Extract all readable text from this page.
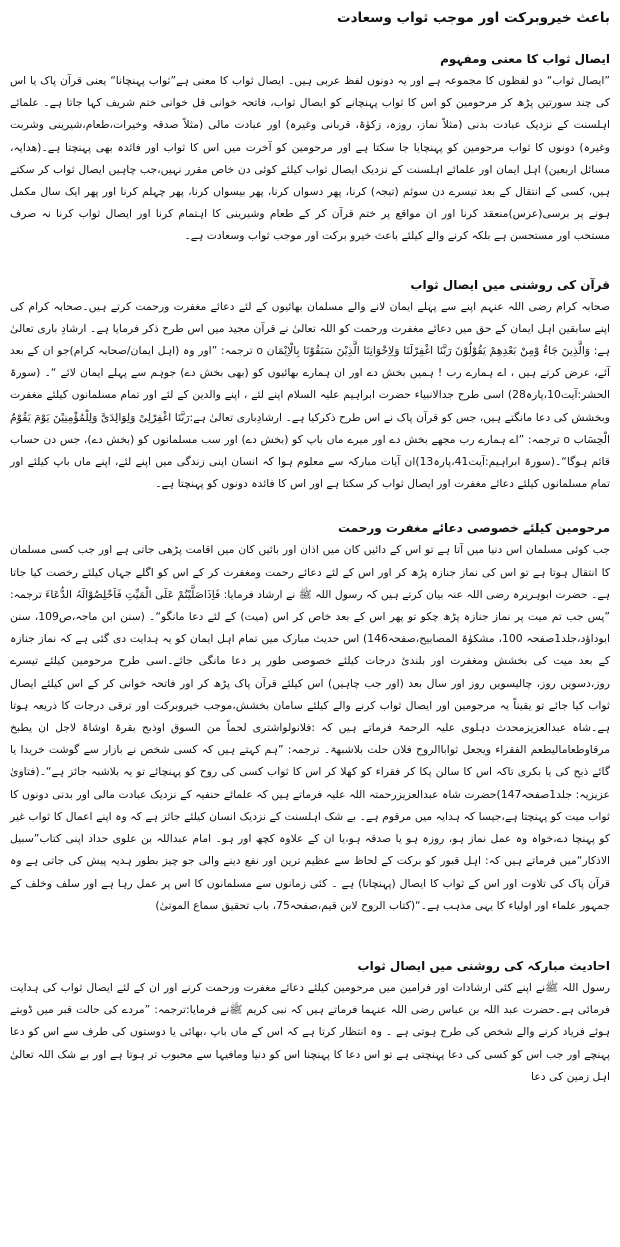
باعث خیروبرکت اور موجب ثواب وسعادت
ایصال ثواب کا معنی ومفہوم

”ایصال ثواب“ دو لفظوں کا مجموعہ ہے اور یہ دونوں لفظ عربی ہیں۔ ایصال ثواب کا معنی ہے”ثواب پہنچانا“ یعنی قرآن پاک یا اس کی چند سورتیں پڑھ کر مرحومین کو اس کا ثواب پہنچانے کو ایصال ثواب، فاتحہ خوانی قل خوانی ختم شریف کہا جاتا ہے۔ علمائے اہلسنت کے نزدیک عبادت بدنی (مثلاً نماز، روزہ، زکوٰۃ، قربانی وغیرہ) اور عبادت مالی (مثلاً صدقہ وخیرات،طعام،شیرینی وشربت وغیرہ) دونوں کا ثواب مرحومین کو پہنچایا جا سکتا ہے اور مرحومین کو آخرت میں اس کا ثواب اور فائدہ بھی پہنچتا ہے۔(ھدایہ، مسائل اربعین) اہل ایمان اور علمائے اہلسنت کے نزدیک ایصال ثواب کیلئے کوئی دن خاص مقرر نہیں،جب چاہیں ایصال ثواب کر سکتے ہیں، کسی کے انتقال کے بعد تیسرے دن سوئم (تیجہ) کرنا، پھر دسواں کرنا، پھر بیسواں کرنا، پھر چہلم کرنا اور پھر ایک سال مکمل ہونے پر برسی(عرس)منعقد کرنا اور ان مواقع پر ختم قرآن کر کے طعام وشیرینی کا اہتمام کرنا اور ایصال ثواب کرنا نہ صرف مستحب اور مستحسن ہے بلکہ کرنے والے کیلئے باعث خیرو برکت اور موجب ثواب وسعادت ہے۔

قرآن کی روشنی میں ایصال ثواب

صحابہ کرام رضی اللہ عنہم اپنے سے پہلے ایمان لانے والے مسلمان بھائیوں کے لئے دعائے مغفرت ورحمت کرتے ہیں۔صحابہ کرام کی اپنے سابقین اہل ایمان کے حق میں دعائے مغفرت ورحمت کو اللہ تعالیٰ نے قرآن مجید میں اس طرح ذکر فرمایا ہے۔ ارشادِ باری تعالیٰ ہے: وَالَّذِینَ جَاءُ وْمِنْ بَعْدِھِمْ یَقُوْلُوْنَ رَبَّنَا اغْفِرْلَنَا وَلِاِخْوَانِنَا الَّذِیْنَ سَبَقُوْنَا بِالْاِیْمَان o ترجمہ: ”اور وہ (اہل ایمان/صحابہ کرام)جو ان کے بعد آئے، عرض کرتے ہیں ، اے ہمارے رب ! ہمیں بخش دے اور ان ہمارے بھائیوں کو (بھی بخش دے) جوہم سے پہلے ایمان لائے “۔ (سورۃ الحشر:آیت10،پارہ28) اسی طرح جدالانبیاء حضرت ابراہیم علیہ السلام اپنے لئے ، اپنے والدین کے لئے اور تمام مسلمانوں کیلئے مغفرت وبخشش کی دعا مانگتے ہیں، جس کو قرآن پاک نے اس طرح ذکرکیا ہے۔ ارشادِباری تعالیٰ ہے:رَبَّنَا اغْفِرْلِیْ وَلِوَالِدَیَّ وَلِلْمُؤْمِنِیْنَ یَوْمَ یَقُوْمُ الْحِسَاب o ترجمہ: ”اے ہمارے رب مجھے بخش دے اور میرے ماں باپ کو (بخش دے) اور سب مسلمانوں کو (بخش دے)، جس دن حساب قائم ہوگا“۔(سورۃ ابراہیم:آیت41،پارہ13)ان آیات مبارکہ سے معلوم ہوا کہ انسان اپنی زندگی میں اپنے لئے، اپنے ماں باپ کیلئے اور تمام مسلمانوں کیلئے دعائے مغفرت اور ایصال ثواب کر سکتا ہے اور اس کا فائدہ دونوں کو پہنچتا ہے۔

مرحومین کیلئے خصوصی دعائے مغفرت ورحمت

جب کوئی مسلمان اس دنیا میں آتا ہے تو اس کے دائیں کان میں اذان اور بائیں کان میں اقامت پڑھی جاتی ہے اور جب کسی مسلمان کا انتقال ہوتا ہے تو اس کی نماز جنازہ پڑھ کر اور اس کے لئے دعائے رحمت ومغفرت کر کے اس کو اگلے جہاں کیلئے رخصت کیا جاتا ہے۔ حضرت ابوہریرہ رضی اللہ عنہ بیان کرتے ہیں کہ رسول اللہ ﷺ نے ارشاد فرمایا: فَاِذَاصَلَّیْتُمْ عَلَی الْمَیِّتِ فَاَخْلِصُوْالَہُ الدُّعَاءَ ترجمہ: ”پس جب تم میت پر نماز جنازہ پڑھ چکو تو پھر اس کے بعد خاص کر اس (میت) کے لئے دعا مانگو“۔ (سنن ابن ماجہ،ص109، سنن ابوداؤد،جلد1صفحہ 100، مشکوٰۃ المصابیح،صفحہ146) اس حدیث مبارک میں تمام اہل ایمان کو یہ ہدایت دی گئی ہے کہ نماز جنازہ کے بعد میت کی بخشش ومغفرت اور بلندیٔ درجات کیلئے خصوصی طور پر دعا مانگی جائے۔اسی طرح مرحومین کیلئے تیسرے روز،دسویں روز، چالیسویں روز اور سال بعد (اور جب چاہیں) اس کیلئے قرآن پاک پڑھ کر اور فاتحہ خوانی کر کے اس کیلئے ایصال ثواب کیا جائے تو یقیناً یہ مرحومین اور ایصال ثواب کرنے والے کیلئے سامان بخشش،موجب خیروبرکت اور ترقی درجات کا ذریعہ ہوتا ہے۔شاہ عبدالعزیزمحدث دہلوی علیہ الرحمۃ فرماتے ہیں کہ :فلانولواشتری لحماً من السوق اوذبح بقرۃ اوشاۃ لاجل ان یطبخ مرقاوطعامالیطعم الفقراء ویجعل ثواباالروح فلان حلت بلاشبھۃ۔ ترجمہ: ”ہم کہتے ہیں کہ کسی شخص نے بازار سے گوشت خریدا یا گائے ذبح کی یا بکری تاکہ اس کا سالن پکا کر فقراء کو کھلا کر اس کا ثواب کسی کی روح کو پہنچائے تو یہ بلاشبہ جائز ہے“۔(فتاویٰ عزیزیہ: جلد1صفحہ147)حضرت شاہ عبدالعزیزرحمتہ اللہ علیہ فرماتے ہیں کہ علمائے حنفیہ کے نزدیک عبادت مالی اور بدنی دونوں کا ثواب میت کو پہنچتا ہے،جیسا کہ ہدایہ میں مرقوم ہے۔ بے شک اہلسنت کے نزدیک انسان کیلئے جائز ہے کہ وہ اپنے اعمال کا ثواب غیر کو پہنچا دے،خواہ وہ عمل نماز ہو، روزہ ہو یا صدقہ ہو،یا ان کے علاوہ کچھ اور ہو۔ امام عبداللہ بن علوی حداد اپنی کتاب”سبیل الاذکار“میں فرماتے ہیں کہ: اہل قبور کو برکت کے لحاظ سے عظیم ترین اور نفع دینے والی جو چیز بطور ہدیہ پیش کی جاتی ہے وہ قرآن پاک کی تلاوت اور اس کے ثواب کا ایصال (پہنچانا) ہے ۔ کئی زمانوں سے مسلمانوں کا اس پر عمل رہا ہے اور سلف وخلف کے جمہور علماء اور اولیاء کا یہی مذہب ہے۔“(کتاب الروح لابن قیم،صفحہ75، باب تحقیق سماع الموتیٰ)

احادیث مبارکہ کی روشنی میں ایصال ثواب

رسول اللہ ﷺنے اپنے کئی ارشادات اور فرامین میں مرحومین کیلئے دعائے مغفرت ورحمت کرنے اور ان کے لئے ایصال ثواب کی ہدایت فرمائی ہے۔حضرت عبد اللہ بن عباس رضی اللہ عنہما فرماتے ہیں کہ نبی کریم ﷺنے فرمایا:ترجمہ: ”مردے کی حالت قبر میں ڈوبتے ہوئے فریاد کرنے والے شخص کی طرح ہوتی ہے ۔ وہ انتظار کرتا ہے کہ اس کے ماں باپ ،بھائی یا دوستوں کی طرف سے اس کو دعا پہنچے اور جب اس کو کسی کی دعا پہنچتی ہے تو اس دعا کا پہنچنا اس کو دنیا ومافیہا سے محبوب تر ہوتا ہے اور بے شک اللہ تعالیٰ اہل زمین کی دعا
